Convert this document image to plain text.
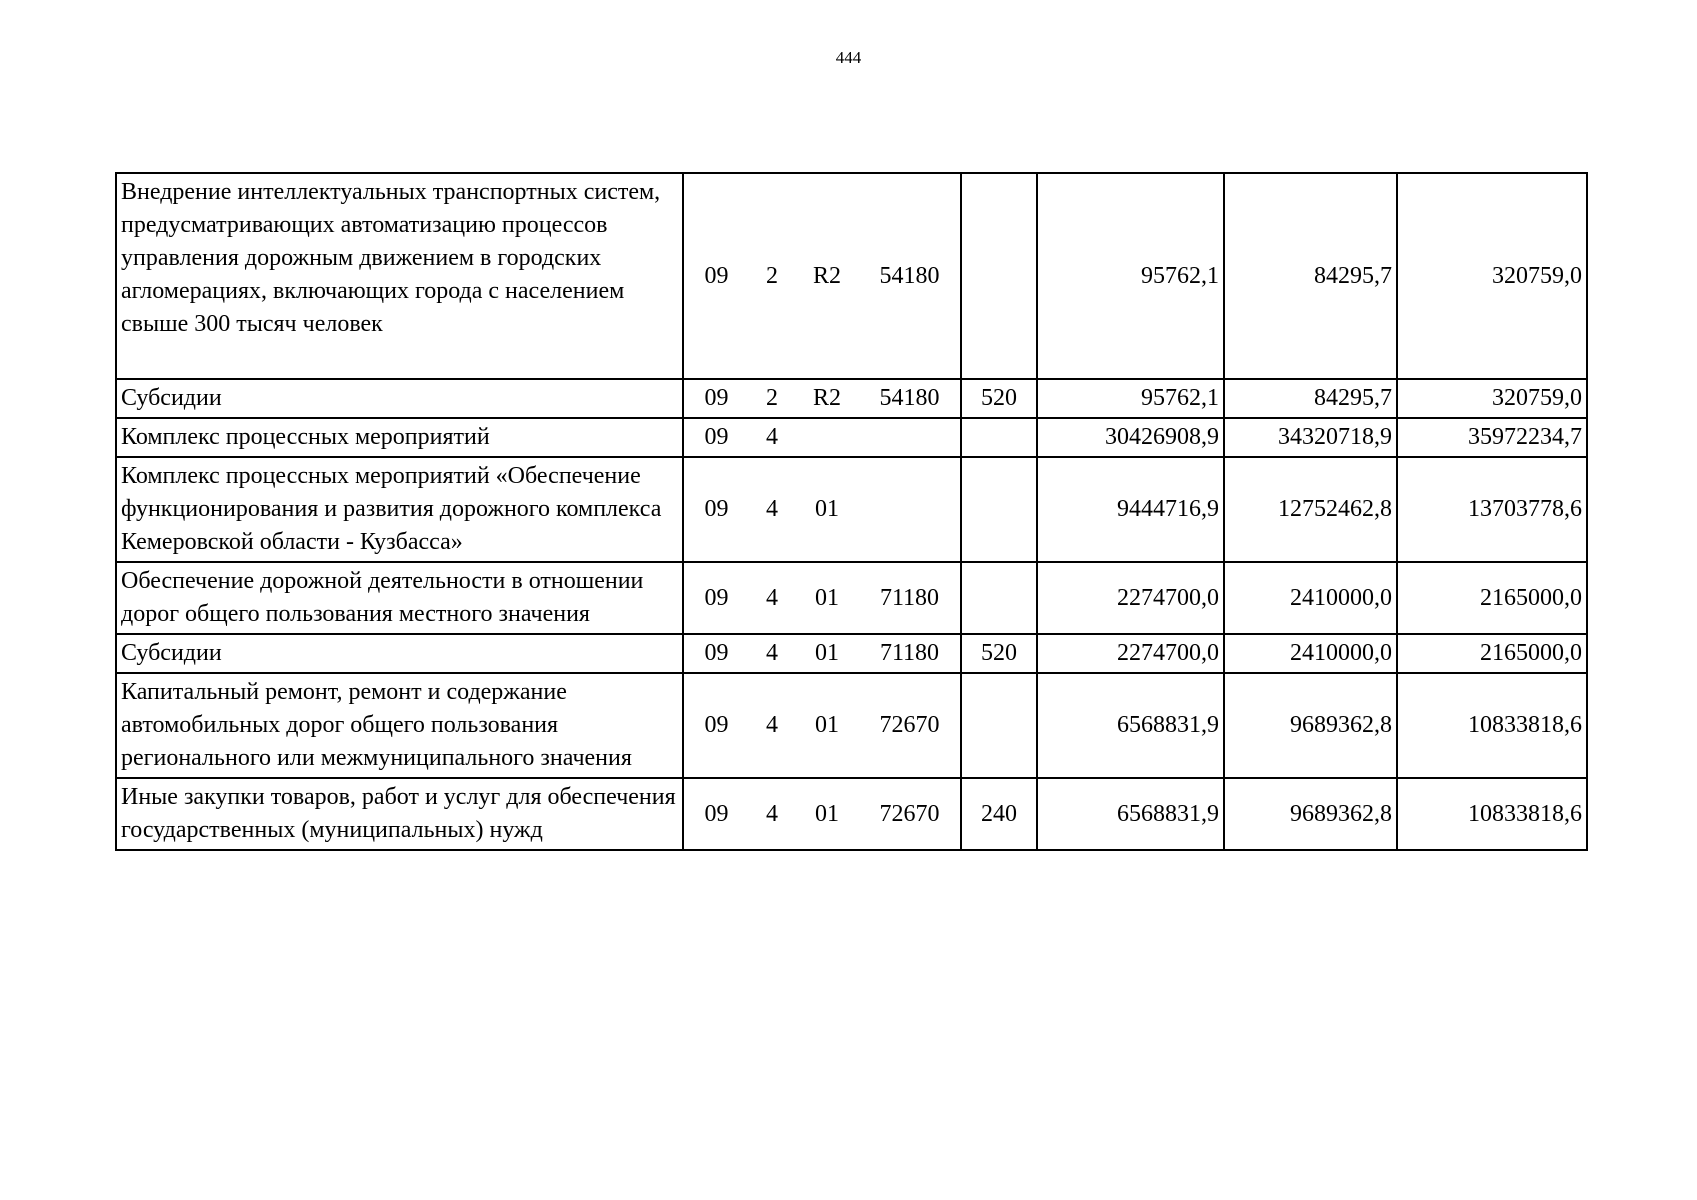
444
Внедрение интеллектуальных транспортных систем, предусматривающих автоматизацию процессов управления дорожным движением в городских агломерациях, включающих города с населением свыше 300 тысяч человек	09	2	R2	54180		95762,1	84295,7	320759,0
Субсидии	09	2	R2	54180	520	95762,1	84295,7	320759,0
Комплекс процессных мероприятий	09	4				30426908,9	34320718,9	35972234,7
Комплекс процессных мероприятий «Обеспечение функционирования и развития дорожного комплекса Кемеровской области - Кузбасса»	09	4	01			9444716,9	12752462,8	13703778,6
Обеспечение дорожной деятельности в отношении дорог общего пользования местного значения	09	4	01	71180		2274700,0	2410000,0	2165000,0
Субсидии	09	4	01	71180	520	2274700,0	2410000,0	2165000,0
Капитальный ремонт, ремонт и содержание автомобильных дорог общего пользования регионального или межмуниципального значения	09	4	01	72670		6568831,9	9689362,8	10833818,6
Иные закупки товаров, работ и услуг для обеспечения государственных (муниципальных) нужд	09	4	01	72670	240	6568831,9	9689362,8	10833818,6
